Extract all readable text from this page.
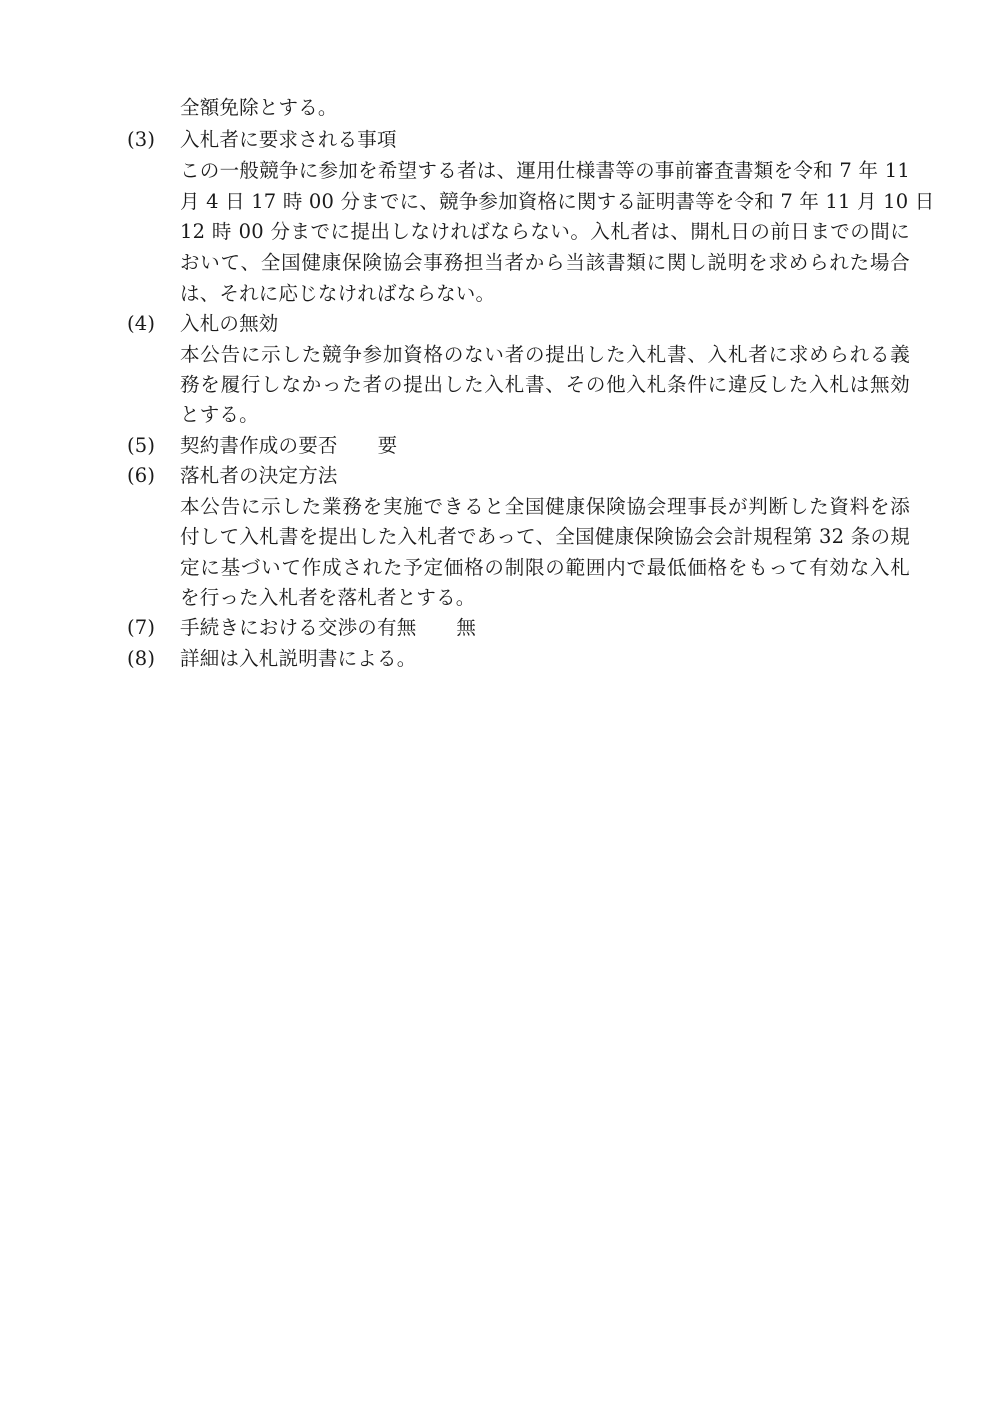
全額免除とする。
(3) 入札者に要求される事項
この一般競争に参加を希望する者は、運用仕様書等の事前審査書類を令和 7 年 11
月 4 日 17 時 00 分までに、競争参加資格に関する証明書等を令和 7 年 11 月 10 日
12 時 00 分までに提出しなければならない。入札者は、開札日の前日までの間に
おいて、全国健康保険協会事務担当者から当該書類に関し説明を求められた場合
は、それに応じなければならない。
(4) 入札の無効
本公告に示した競争参加資格のない者の提出した入札書、入札者に求められる義
務を履行しなかった者の提出した入札書、その他入札条件に違反した入札は無効
とする。
(5) 契約書作成の要否 要
(6) 落札者の決定方法
本公告に示した業務を実施できると全国健康保険協会理事長が判断した資料を添
付して入札書を提出した入札者であって、全国健康保険協会会計規程第 32 条の規
定に基づいて作成された予定価格の制限の範囲内で最低価格をもって有効な入札
を行った入札者を落札者とする。
(7) 手続きにおける交渉の有無 無
(8) 詳細は入札説明書による。
